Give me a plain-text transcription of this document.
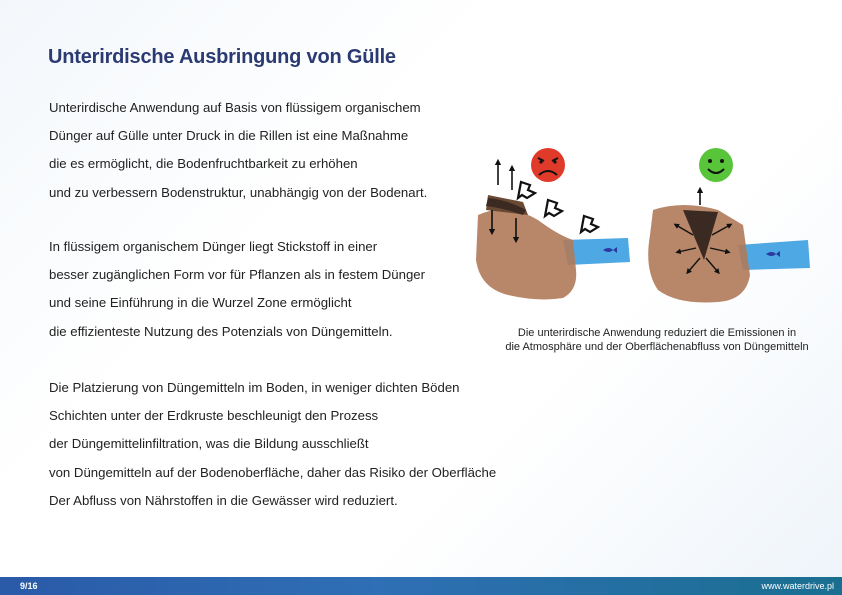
Unterirdische Ausbringung von Gülle
Unterirdische Anwendung auf Basis von flüssigem organischem
Dünger auf Gülle unter Druck in die Rillen ist eine Maßnahme
die es ermöglicht, die Bodenfruchtbarkeit zu erhöhen
und zu verbessern Bodenstruktur, unabhängig von der Bodenart.
In flüssigem organischem Dünger liegt Stickstoff in einer
besser zugänglichen Form vor für Pflanzen als in festem Dünger
und seine Einführung in die Wurzel Zone ermöglicht
die effizienteste Nutzung des Potenzials von Düngemitteln.
Die Platzierung von Düngemitteln im Boden, in weniger dichten Böden
Schichten unter der Erdkruste beschleunigt den Prozess
der Düngemittelinfiltration, was die Bildung ausschließt
von Düngemitteln auf der Bodenoberfläche, daher das Risiko der Oberfläche
Der Abfluss von Nährstoffen in die Gewässer wird reduziert.
Die unterirdische Anwendung reduziert die Emissionen in
die Atmosphäre und der Oberflächenabfluss von Düngemitteln
9/16	www.waterdrive.pl
